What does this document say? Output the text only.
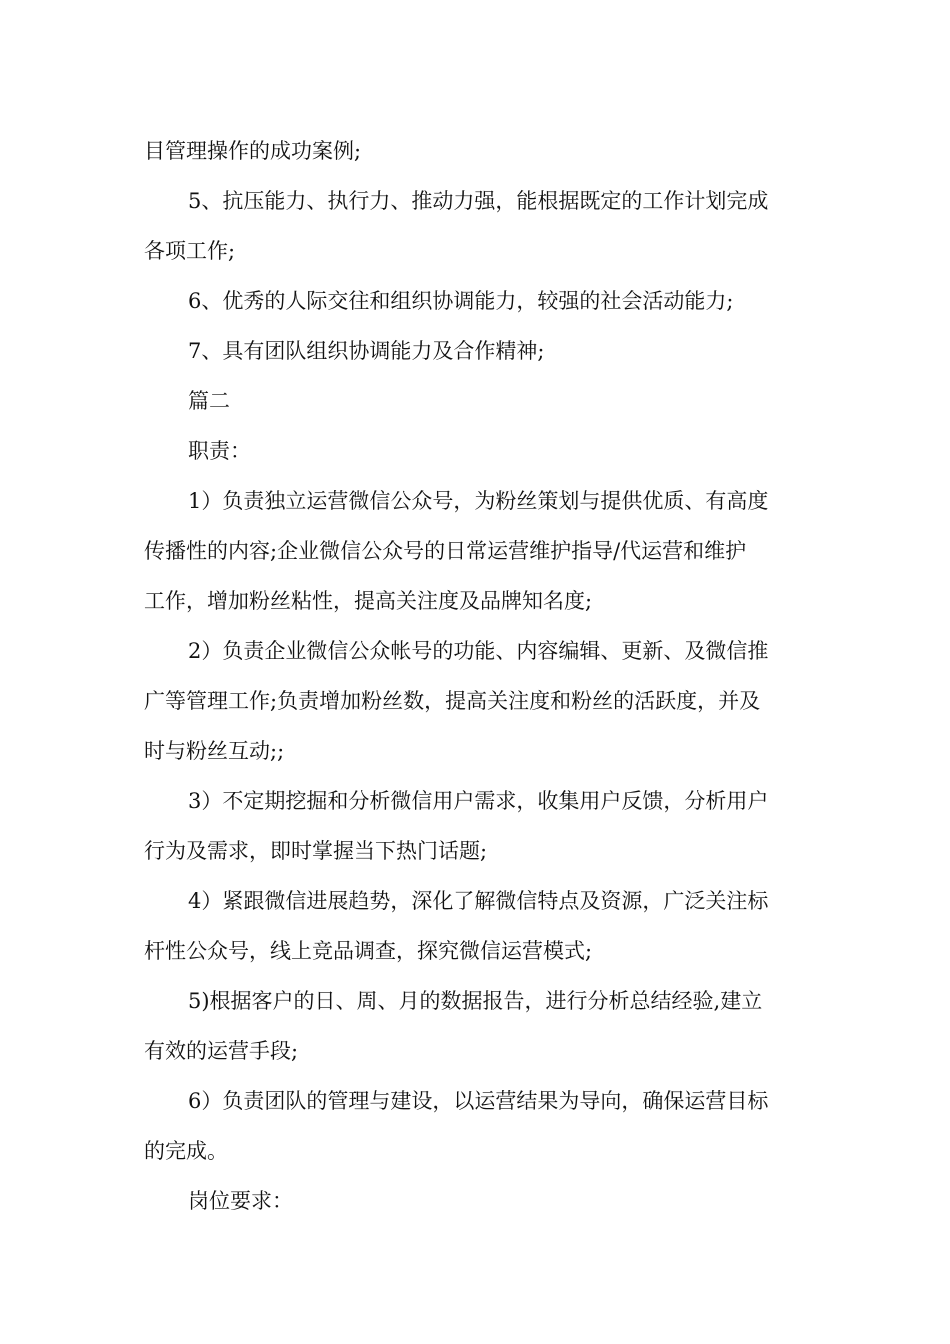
目管理操作的成功案例;
5、抗压能力、执行力、推动力强，能根据既定的工作计划完成
各项工作;
6、优秀的人际交往和组织协调能力，较强的社会活动能力;
7、具有团队组织协调能力及合作精神;
篇二
职责：
1）负责独立运营微信公众号，为粉丝策划与提供优质、有高度
传播性的内容;企业微信公众号的日常运营维护指导/代运营和维护
工作，增加粉丝粘性，提高关注度及品牌知名度;
2）负责企业微信公众帐号的功能、内容编辑、更新、及微信推
广等管理工作;负责增加粉丝数，提高关注度和粉丝的活跃度，并及
时与粉丝互动;;
3）不定期挖掘和分析微信用户需求，收集用户反馈，分析用户
行为及需求，即时掌握当下热门话题;
4）紧跟微信进展趋势，深化了解微信特点及资源，广泛关注标
杆性公众号，线上竞品调查，探究微信运营模式;
5)根据客户的日、周、月的数据报告，进行分析总结经验,建立
有效的运营手段;
6）负责团队的管理与建设，以运营结果为导向，确保运营目标
的完成。
岗位要求：
